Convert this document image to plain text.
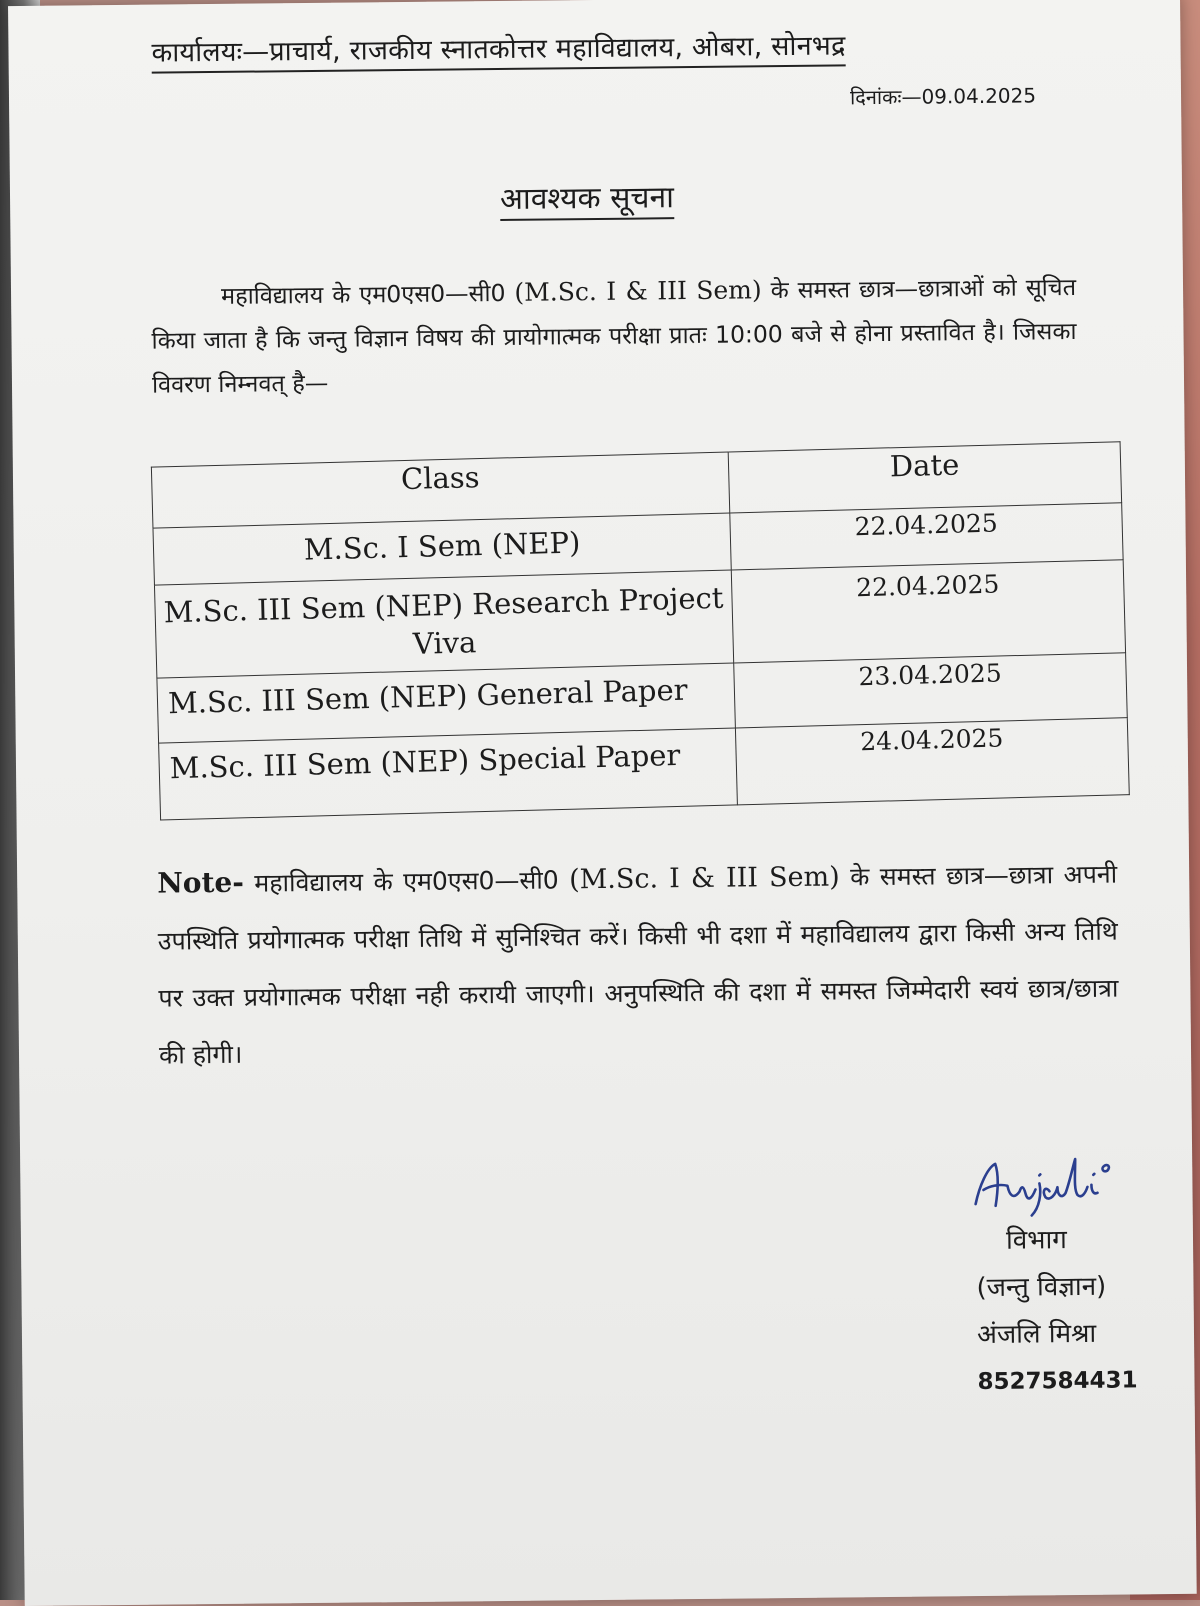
कार्यालयः—प्राचार्य, राजकीय स्नातकोत्तर महाविद्यालय, ओबरा, सोनभद्र
दिनांकः—09.04.2025
आवश्यक सूचना
महाविद्यालय के एम0एस0—सी0 (M.Sc. I & III Sem) के समस्त छात्र—छात्राओं को सूचित किया जाता है कि जन्तु विज्ञान विषय की प्रायोगात्मक परीक्षा प्रातः 10:00 बजे से होना प्रस्तावित है। जिसका विवरण निम्नवत् है—
Class	Date
M.Sc. I Sem (NEP)	22.04.2025
M.Sc. III Sem (NEP) Research Project Viva	22.04.2025
M.Sc. III Sem (NEP) General Paper	23.04.2025
M.Sc. III Sem (NEP) Special Paper	24.04.2025
Note- महाविद्यालय के एम0एस0—सी0 (M.Sc. I & III Sem) के समस्त छात्र—छात्रा अपनी उपस्थिति प्रयोगात्मक परीक्षा तिथि में सुनिश्चित करें। किसी भी दशा में महाविद्यालय द्वारा किसी अन्य तिथि पर उक्त प्रयोगात्मक परीक्षा नही करायी जाएगी। अनुपस्थिति की दशा में समस्त जिम्मेदारी स्वयं छात्र/छात्रा की होगी।
विभाग
(जन्तु विज्ञान)
अंजलि मिश्रा
8527584431
